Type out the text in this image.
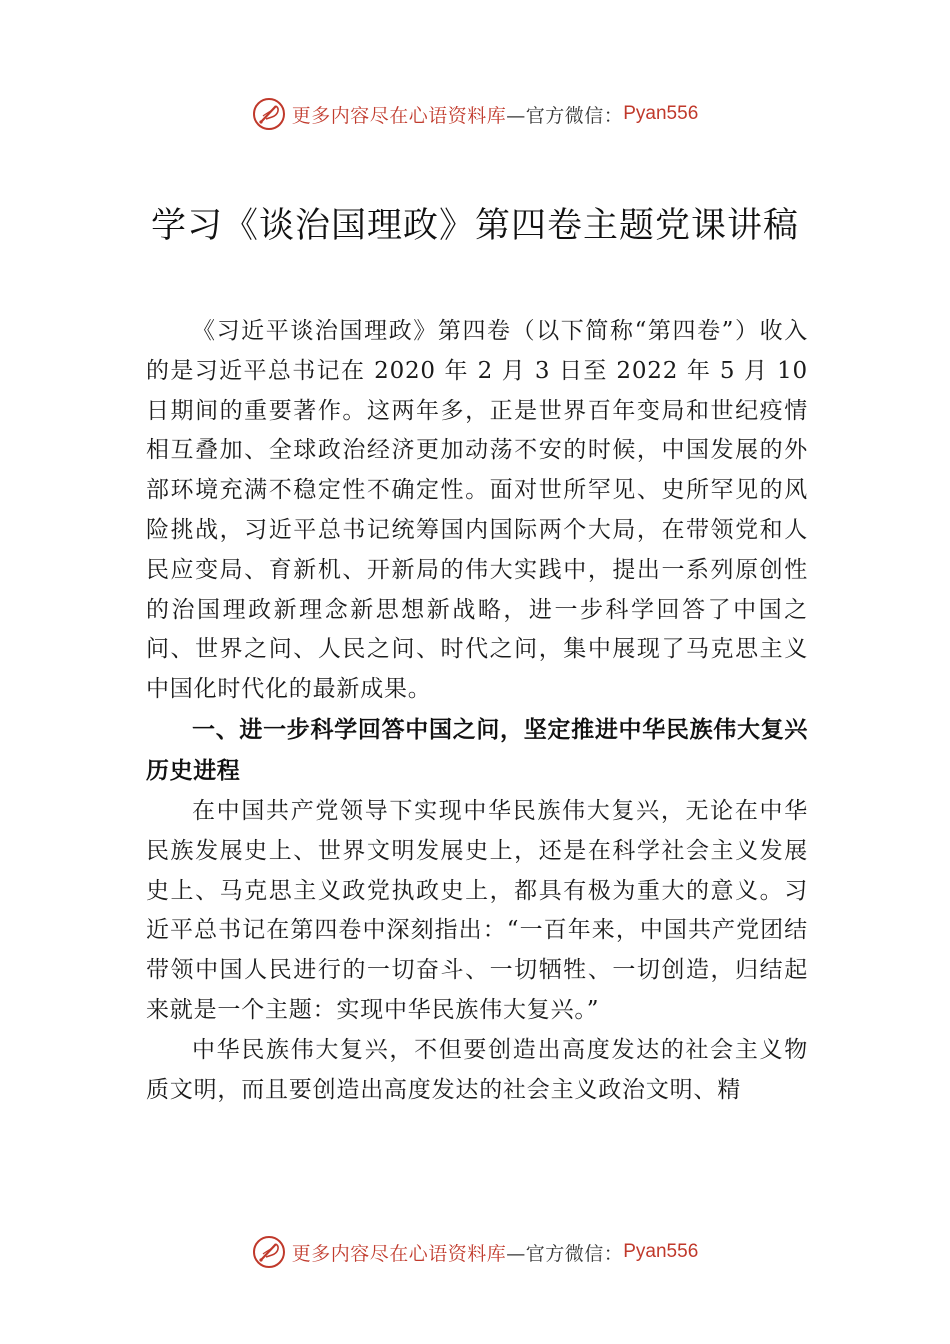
更多内容尽在心语资料库 —官方微信： Pyan556
学习《谈治国理政》第四卷主题党课讲稿

《习近平谈治国理政》第四卷（以下简称“第四卷”）收入的是习近平总书记在 2020 年 2 月 3 日至 2022 年 5 月 10 日期间的重要著作。这两年多，正是世界百年变局和世纪疫情相互叠加、全球政治经济更加动荡不安的时候，中国发展的外部环境充满不稳定性不确定性。面对世所罕见、史所罕见的风险挑战，习近平总书记统筹国内国际两个大局，在带领党和人民应变局、育新机、开新局的伟大实践中，提出一系列原创性的治国理政新理念新思想新战略，进一步科学回答了中国之问、世界之问、人民之问、时代之问，集中展现了马克思主义中国化时代化的最新成果。

一、进一步科学回答中国之问，坚定推进中华民族伟大复兴历史进程

在中国共产党领导下实现中华民族伟大复兴，无论在中华民族发展史上、世界文明发展史上，还是在科学社会主义发展史上、马克思主义政党执政史上，都具有极为重大的意义。习近平总书记在第四卷中深刻指出：“一百年来，中国共产党团结带领中国人民进行的一切奋斗、一切牺牲、一切创造，归结起来就是一个主题：实现中华民族伟大复兴。”

中华民族伟大复兴，不但要创造出高度发达的社会主义物质文明，而且要创造出高度发达的社会主义政治文明、精

更多内容尽在心语资料库 —官方微信： Pyan556
